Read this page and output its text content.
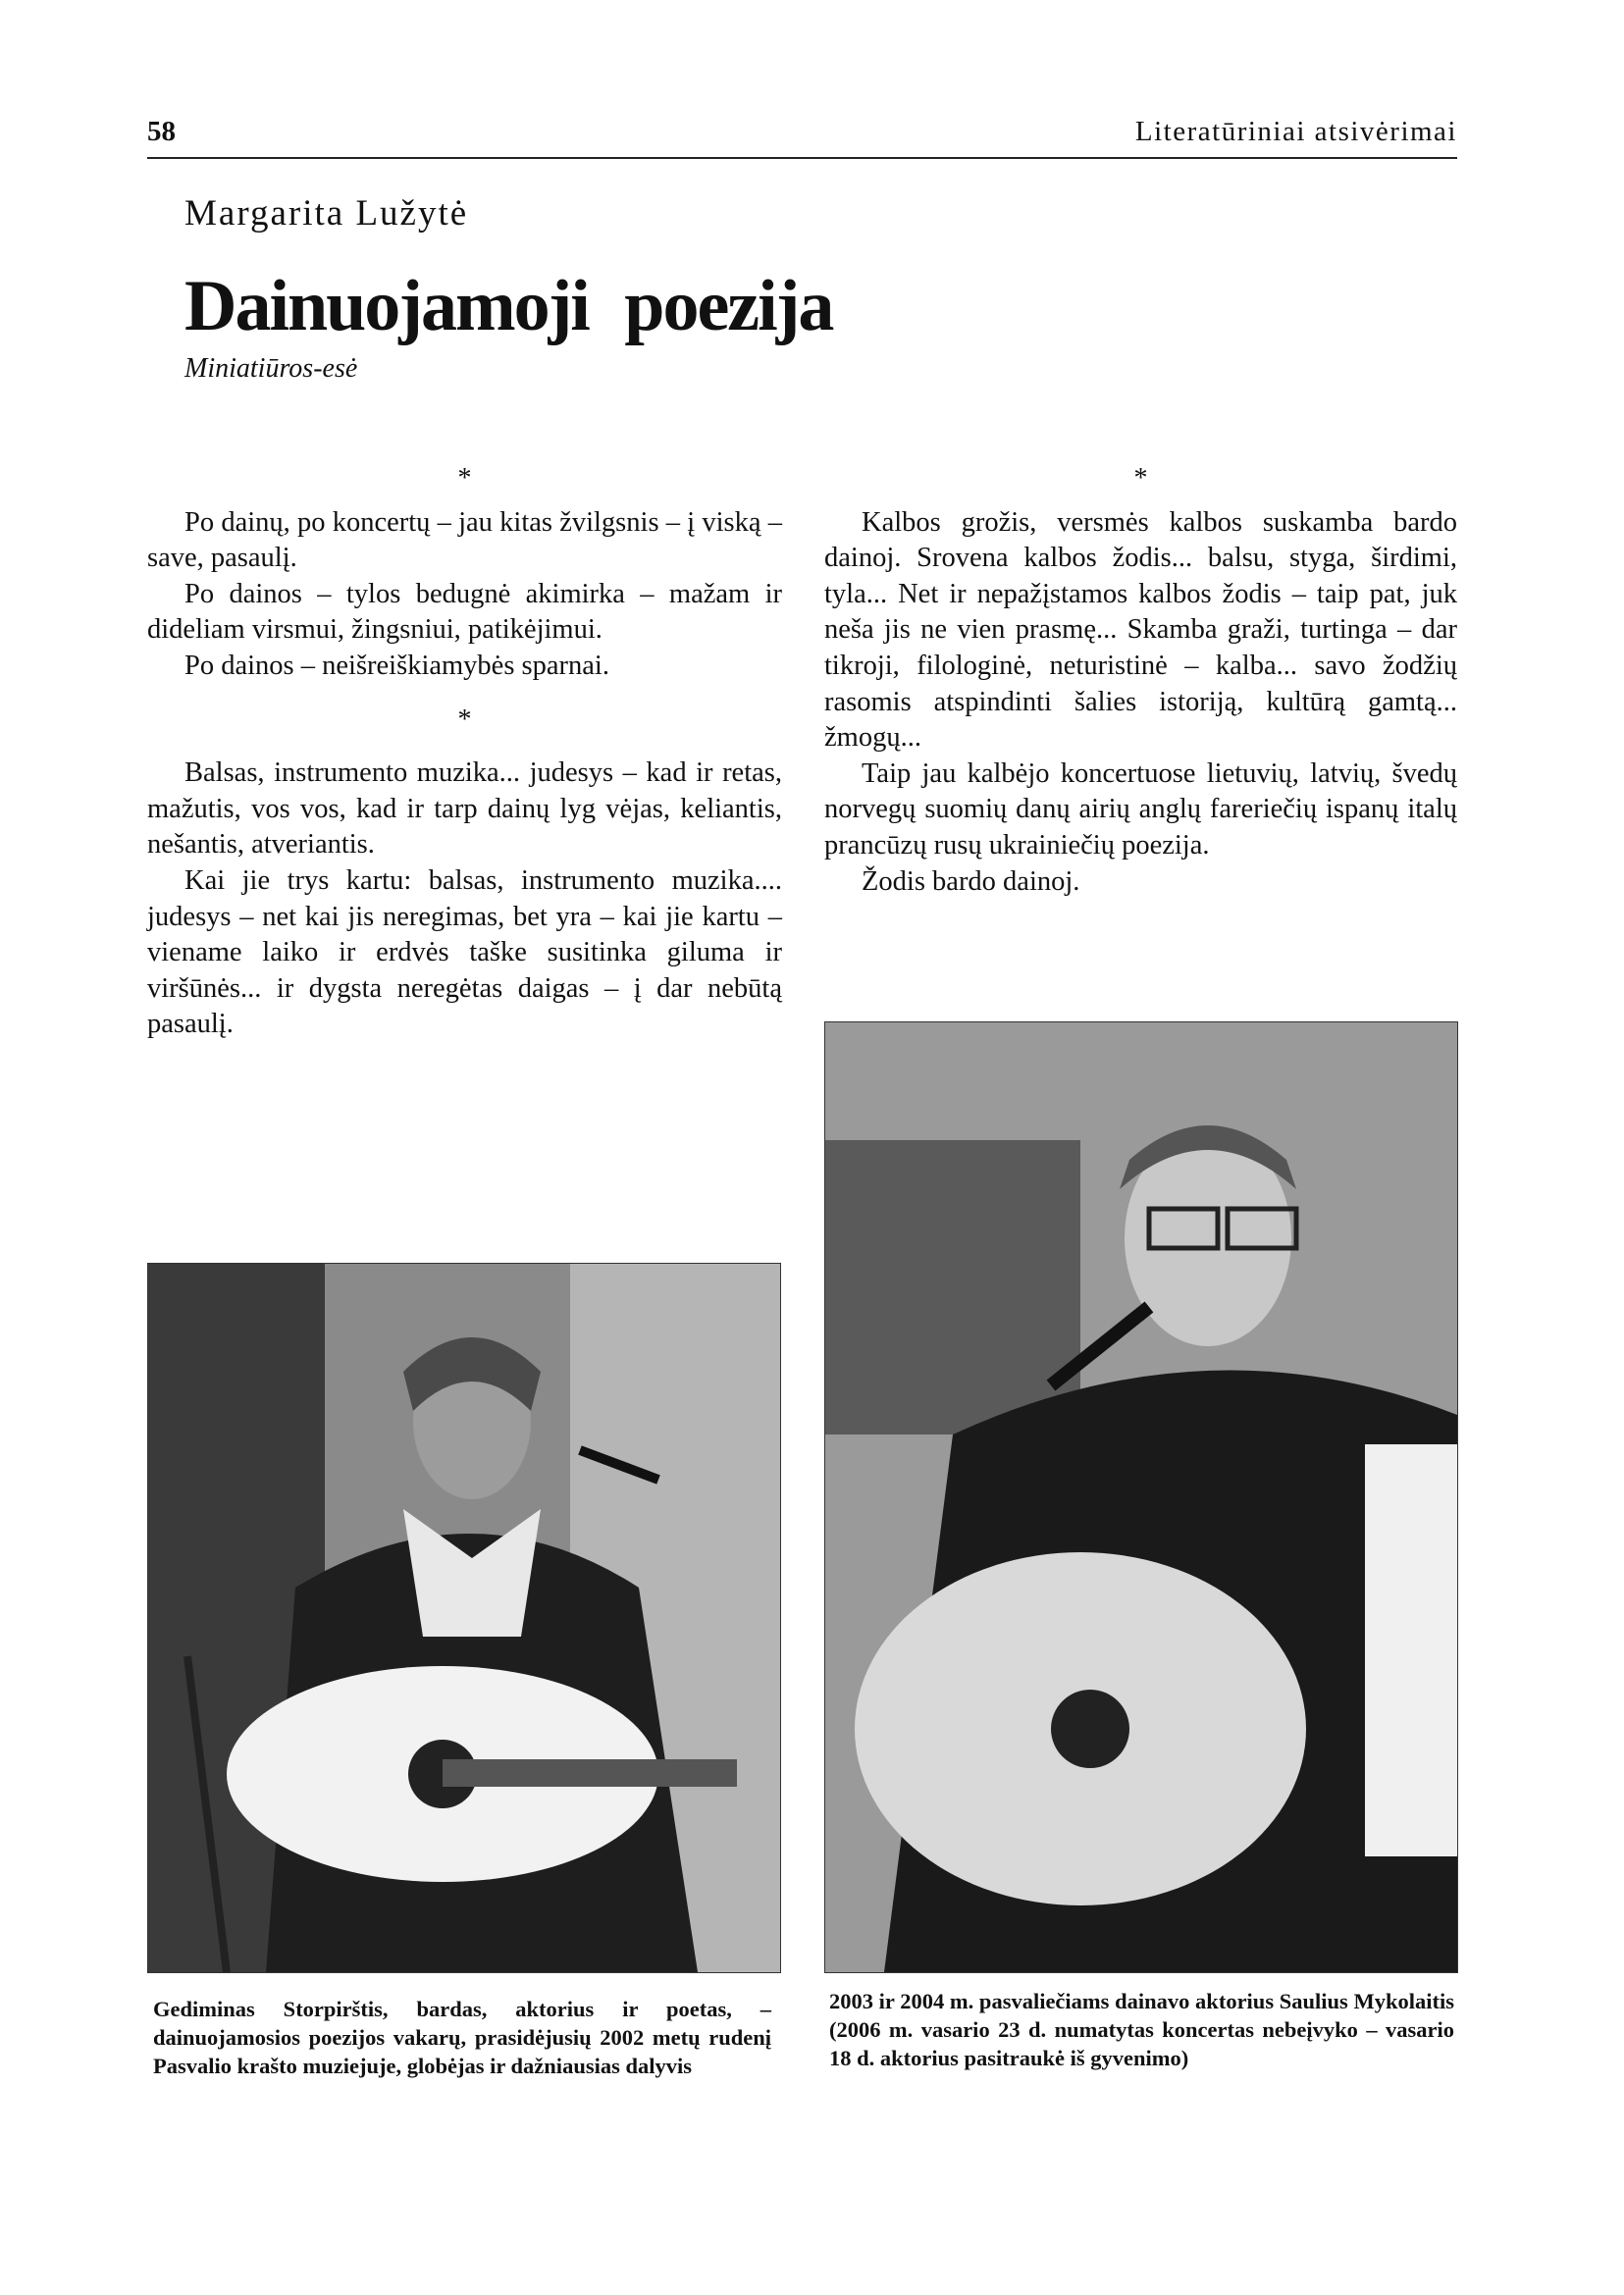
58	Literatūriniai atsivėrimai
Margarita Lužytė
Dainuojamoji poezija
Miniatiūros-esė

*

Po dainų, po koncertų – jau kitas žvilgsnis – į viską – save, pasaulį.

Po dainos – tylos bedugnė akimirka – mažam ir dideliam virsmui, žingsniui, patikėjimui.

Po dainos – neišreiškiamybės sparnai.

*

Balsas, instrumento muzika... judesys – kad ir retas, mažutis, vos vos, kad ir tarp dainų lyg vėjas, keliantis, nešantis, atveriantis.

Kai jie trys kartu: balsas, instrumento muzika.... judesys – net kai jis neregimas, bet yra – kai jie kartu – viename laiko ir erdvės taške susitinka giluma ir viršūnės... ir dygsta neregėtas daigas – į dar nebūtą pasaulį.

*

Kalbos grožis, versmės kalbos suskamba bardo dainoj. Srovena kalbos žodis... balsu, styga, širdimi, tyla... Net ir nepažįstamos kalbos žodis – taip pat, juk neša jis ne vien prasmę... Skamba graži, turtinga – dar tikroji, filologinė, neturistinė – kalba... savo žodžių rasomis atspindinti šalies istoriją, kultūrą gamtą... žmogų...

Taip jau kalbėjo koncertuose lietuvių, latvių, švedų norvegų suomių danų airių anglų fareriečių ispanų italų prancūzų rusų ukrainiečių poezija.

Žodis bardo dainoj.

Gediminas Storpirštis, bardas, aktorius ir poetas, – dainuojamosios poezijos vakarų, prasidėjusių 2002 metų rudenį Pasvalio krašto muziejuje, globėjas ir dažniausias dalyvis
2003 ir 2004 m. pasvaliečiams dainavo aktorius Saulius Mykolaitis (2006 m. vasario 23 d. numatytas koncertas nebeįvyko – vasario 18 d. aktorius pasitraukė iš gyvenimo)
